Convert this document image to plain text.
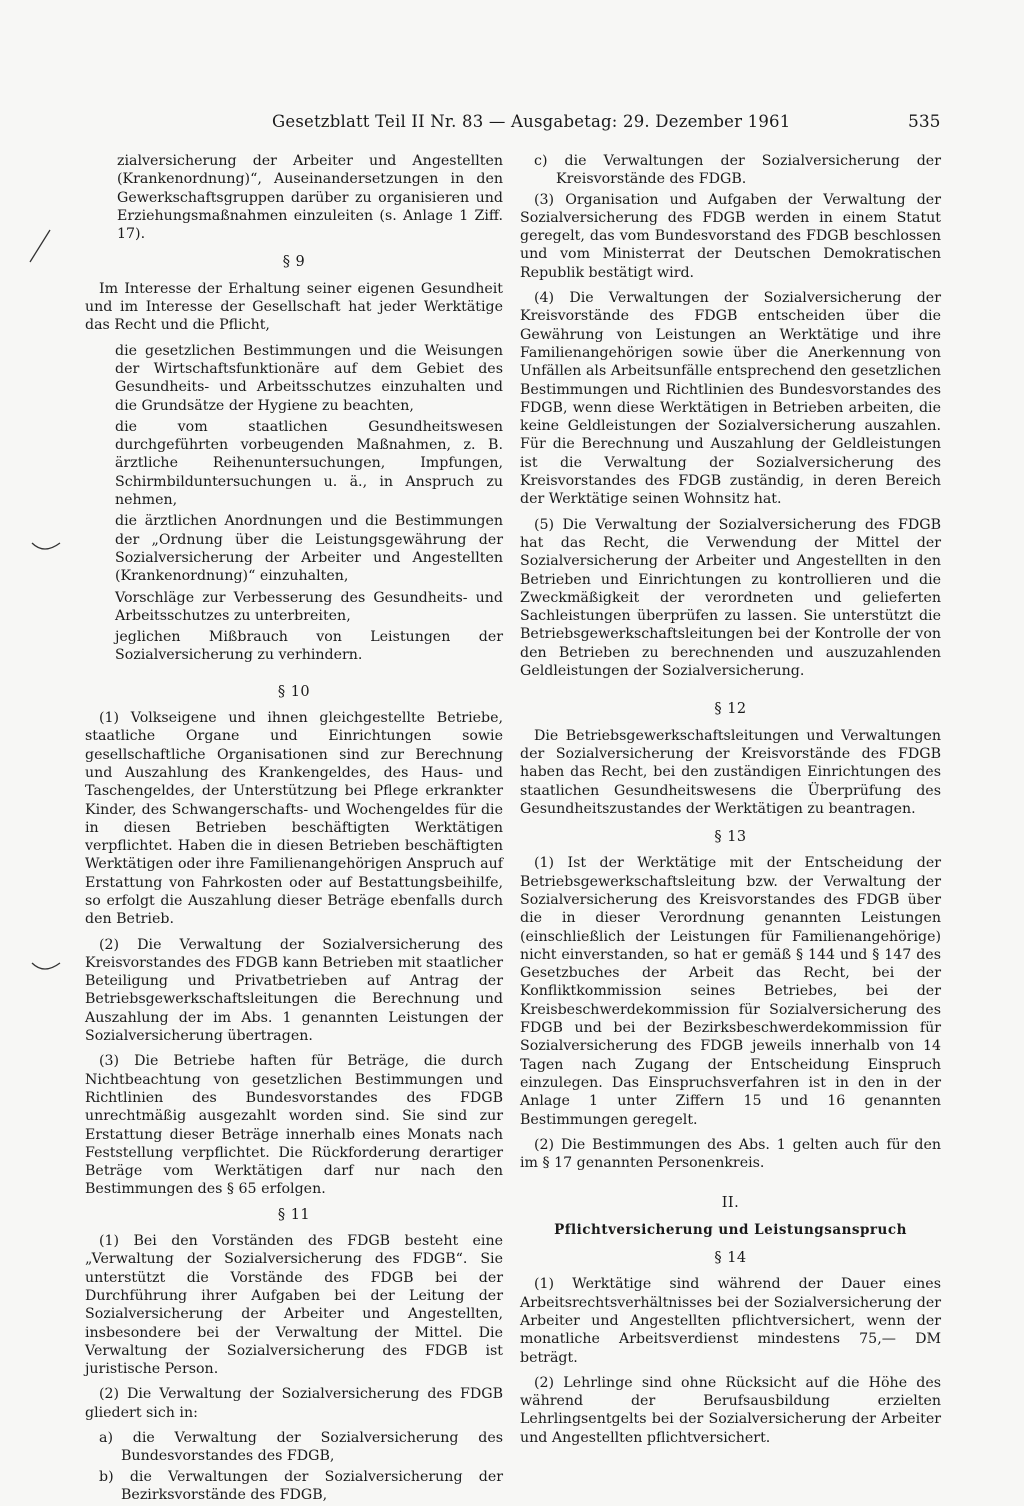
Gesetzblatt Teil II Nr. 83 — Ausgabetag: 29. Dezember 1961	535

zialversicherung der Arbeiter und Angestellten (Krankenordnung)“, Auseinandersetzungen in den Gewerkschaftsgruppen darüber zu organisieren und Erziehungsmaßnahmen einzuleiten (s. Anlage 1 Ziff. 17).

§ 9

Im Interesse der Erhaltung seiner eigenen Gesundheit und im Interesse der Gesellschaft hat jeder Werktätige das Recht und die Pflicht,

die gesetzlichen Bestimmungen und die Weisungen der Wirtschaftsfunktionäre auf dem Gebiet des Gesundheits- und Arbeitsschutzes einzuhalten und die Grundsätze der Hygiene zu beachten,

die vom staatlichen Gesundheitswesen durchgeführten vorbeugenden Maßnahmen, z. B. ärztliche Reihenuntersuchungen, Impfungen, Schirmbilduntersuchungen u. ä., in Anspruch zu nehmen,

die ärztlichen Anordnungen und die Bestimmungen der „Ordnung über die Leistungsgewährung der Sozialversicherung der Arbeiter und Angestellten (Krankenordnung)“ einzuhalten,

Vorschläge zur Verbesserung des Gesundheits- und Arbeitsschutzes zu unterbreiten,

jeglichen Mißbrauch von Leistungen der Sozialversicherung zu verhindern.

§ 10

(1) Volkseigene und ihnen gleichgestellte Betriebe, staatliche Organe und Einrichtungen sowie gesellschaftliche Organisationen sind zur Berechnung und Auszahlung des Krankengeldes, des Haus- und Taschengeldes, der Unterstützung bei Pflege erkrankter Kinder, des Schwangerschafts- und Wochengeldes für die in diesen Betrieben beschäftigten Werktätigen verpflichtet. Haben die in diesen Betrieben beschäftigten Werktätigen oder ihre Familienangehörigen Anspruch auf Erstattung von Fahrkosten oder auf Bestattungsbeihilfe, so erfolgt die Auszahlung dieser Beträge ebenfalls durch den Betrieb.

(2) Die Verwaltung der Sozialversicherung des Kreisvorstandes des FDGB kann Betrieben mit staatlicher Beteiligung und Privatbetrieben auf Antrag der Betriebsgewerkschaftsleitungen die Berechnung und Auszahlung der im Abs. 1 genannten Leistungen der Sozialversicherung übertragen.

(3) Die Betriebe haften für Beträge, die durch Nichtbeachtung von gesetzlichen Bestimmungen und Richtlinien des Bundesvorstandes des FDGB unrechtmäßig ausgezahlt worden sind. Sie sind zur Erstattung dieser Beträge innerhalb eines Monats nach Feststellung verpflichtet. Die Rückforderung derartiger Beträge vom Werktätigen darf nur nach den Bestimmungen des § 65 erfolgen.

§ 11

(1) Bei den Vorständen des FDGB besteht eine „Verwaltung der Sozialversicherung des FDGB“. Sie unterstützt die Vorstände des FDGB bei der Durchführung ihrer Aufgaben bei der Leitung der Sozialversicherung der Arbeiter und Angestellten, insbesondere bei der Verwaltung der Mittel. Die Verwaltung der Sozialversicherung des FDGB ist juristische Person.

(2) Die Verwaltung der Sozialversicherung des FDGB gliedert sich in:

a) die Verwaltung der Sozialversicherung des Bundesvorstandes des FDGB,

b) die Verwaltungen der Sozialversicherung der Bezirksvorstände des FDGB,

c) die Verwaltungen der Sozialversicherung der Kreisvorstände des FDGB.

(3) Organisation und Aufgaben der Verwaltung der Sozialversicherung des FDGB werden in einem Statut geregelt, das vom Bundesvorstand des FDGB beschlossen und vom Ministerrat der Deutschen Demokratischen Republik bestätigt wird.

(4) Die Verwaltungen der Sozialversicherung der Kreisvorstände des FDGB entscheiden über die Gewährung von Leistungen an Werktätige und ihre Familienangehörigen sowie über die Anerkennung von Unfällen als Arbeitsunfälle entsprechend den gesetzlichen Bestimmungen und Richtlinien des Bundesvorstandes des FDGB, wenn diese Werktätigen in Betrieben arbeiten, die keine Geldleistungen der Sozialversicherung auszahlen. Für die Berechnung und Auszahlung der Geldleistungen ist die Verwaltung der Sozialversicherung des Kreisvorstandes des FDGB zuständig, in deren Bereich der Werktätige seinen Wohnsitz hat.

(5) Die Verwaltung der Sozialversicherung des FDGB hat das Recht, die Verwendung der Mittel der Sozialversicherung der Arbeiter und Angestellten in den Betrieben und Einrichtungen zu kontrollieren und die Zweckmäßigkeit der verordneten und gelieferten Sachleistungen überprüfen zu lassen. Sie unterstützt die Betriebsgewerkschaftsleitungen bei der Kontrolle der von den Betrieben zu berechnenden und auszuzahlenden Geldleistungen der Sozialversicherung.

§ 12

Die Betriebsgewerkschaftsleitungen und Verwaltungen der Sozialversicherung der Kreisvorstände des FDGB haben das Recht, bei den zuständigen Einrichtungen des staatlichen Gesundheitswesens die Überprüfung des Gesundheitszustandes der Werktätigen zu beantragen.

§ 13

(1) Ist der Werktätige mit der Entscheidung der Betriebsgewerkschaftsleitung bzw. der Verwaltung der Sozialversicherung des Kreisvorstandes des FDGB über die in dieser Verordnung genannten Leistungen (einschließlich der Leistungen für Familienangehörige) nicht einverstanden, so hat er gemäß § 144 und § 147 des Gesetzbuches der Arbeit das Recht, bei der Konfliktkommission seines Betriebes, bei der Kreisbeschwerdekommission für Sozialversicherung des FDGB und bei der Bezirksbeschwerdekommission für Sozialversicherung des FDGB jeweils innerhalb von 14 Tagen nach Zugang der Entscheidung Einspruch einzulegen. Das Einspruchsverfahren ist in den in der Anlage 1 unter Ziffern 15 und 16 genannten Bestimmungen geregelt.

(2) Die Bestimmungen des Abs. 1 gelten auch für den im § 17 genannten Personenkreis.

II.
Pflichtversicherung und Leistungsanspruch
§ 14

(1) Werktätige sind während der Dauer eines Arbeitsrechtsverhältnisses bei der Sozialversicherung der Arbeiter und Angestellten pflichtversichert, wenn der monatliche Arbeitsverdienst mindestens 75,— DM beträgt.

(2) Lehrlinge sind ohne Rücksicht auf die Höhe des während der Berufsausbildung erzielten Lehrlingsentgelts bei der Sozialversicherung der Arbeiter und Angestellten pflichtversichert.
